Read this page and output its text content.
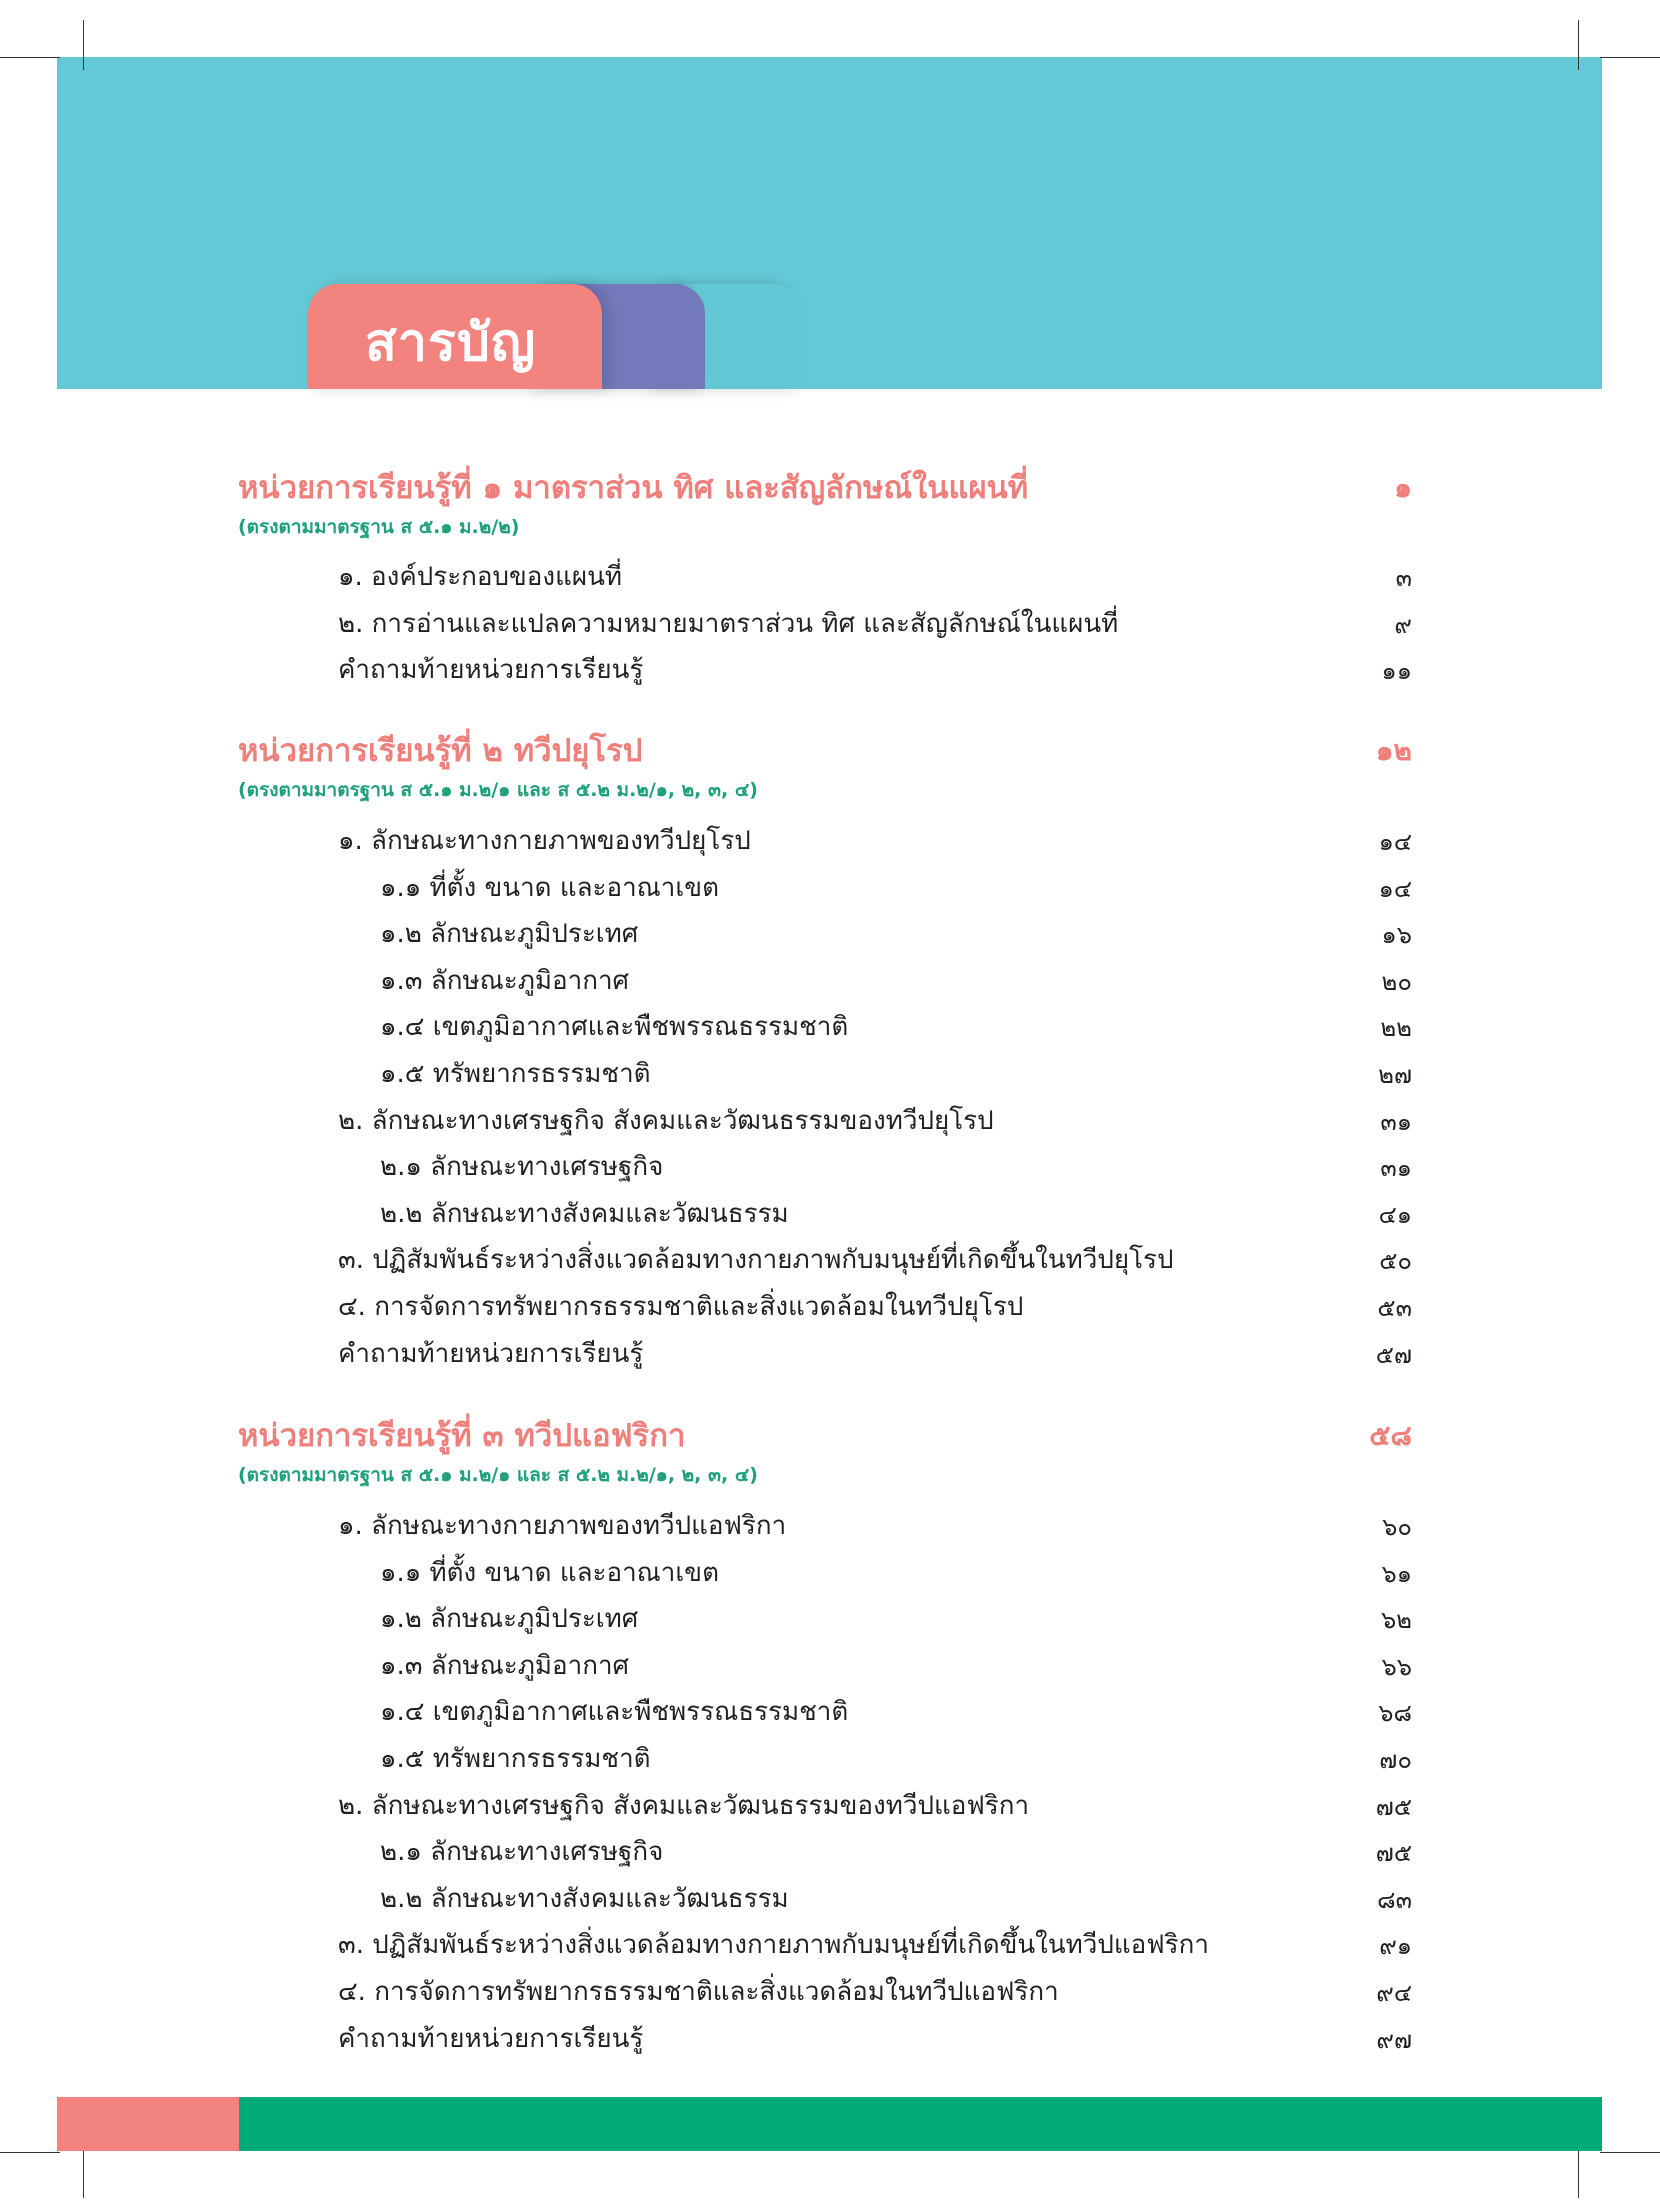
สารบัญ
หน่วยการเรียนรู้ที่ ๑ มาตราส่วน ทิศ และสัญลักษณ์ในแผนที่	๑
(ตรงตามมาตรฐาน ส ๕.๑ ม.๒/๒)
๑. องค์ประกอบของแผนที่	๓
๒. การอ่านและแปลความหมายมาตราส่วน ทิศ และสัญลักษณ์ในแผนที่	๙
คำถามท้ายหน่วยการเรียนรู้	๑๑
หน่วยการเรียนรู้ที่ ๒ ทวีปยุโรป	๑๒
(ตรงตามมาตรฐาน ส ๕.๑ ม.๒/๑ และ ส ๕.๒ ม.๒/๑, ๒, ๓, ๔)
๑. ลักษณะทางกายภาพของทวีปยุโรป	๑๔
๑.๑ ที่ตั้ง ขนาด และอาณาเขต	๑๔
๑.๒ ลักษณะภูมิประเทศ	๑๖
๑.๓ ลักษณะภูมิอากาศ	๒๐
๑.๔ เขตภูมิอากาศและพืชพรรณธรรมชาติ	๒๒
๑.๕ ทรัพยากรธรรมชาติ	๒๗
๒. ลักษณะทางเศรษฐกิจ สังคมและวัฒนธรรมของทวีปยุโรป	๓๑
๒.๑ ลักษณะทางเศรษฐกิจ	๓๑
๒.๒ ลักษณะทางสังคมและวัฒนธรรม	๔๑
๓. ปฏิสัมพันธ์ระหว่างสิ่งแวดล้อมทางกายภาพกับมนุษย์ที่เกิดขึ้นในทวีปยุโรป	๕๐
๔. การจัดการทรัพยากรธรรมชาติและสิ่งแวดล้อมในทวีปยุโรป	๕๓
คำถามท้ายหน่วยการเรียนรู้	๕๗
หน่วยการเรียนรู้ที่ ๓ ทวีปแอฟริกา	๕๘
(ตรงตามมาตรฐาน ส ๕.๑ ม.๒/๑ และ ส ๕.๒ ม.๒/๑, ๒, ๓, ๔)
๑. ลักษณะทางกายภาพของทวีปแอฟริกา	๖๐
๑.๑ ที่ตั้ง ขนาด และอาณาเขต	๖๑
๑.๒ ลักษณะภูมิประเทศ	๖๒
๑.๓ ลักษณะภูมิอากาศ	๖๖
๑.๔ เขตภูมิอากาศและพืชพรรณธรรมชาติ	๖๘
๑.๕ ทรัพยากรธรรมชาติ	๗๐
๒. ลักษณะทางเศรษฐกิจ สังคมและวัฒนธรรมของทวีปแอฟริกา	๗๕
๒.๑ ลักษณะทางเศรษฐกิจ	๗๕
๒.๒ ลักษณะทางสังคมและวัฒนธรรม	๘๓
๓. ปฏิสัมพันธ์ระหว่างสิ่งแวดล้อมทางกายภาพกับมนุษย์ที่เกิดขึ้นในทวีปแอฟริกา	๙๑
๔. การจัดการทรัพยากรธรรมชาติและสิ่งแวดล้อมในทวีปแอฟริกา	๙๔
คำถามท้ายหน่วยการเรียนรู้	๙๗
